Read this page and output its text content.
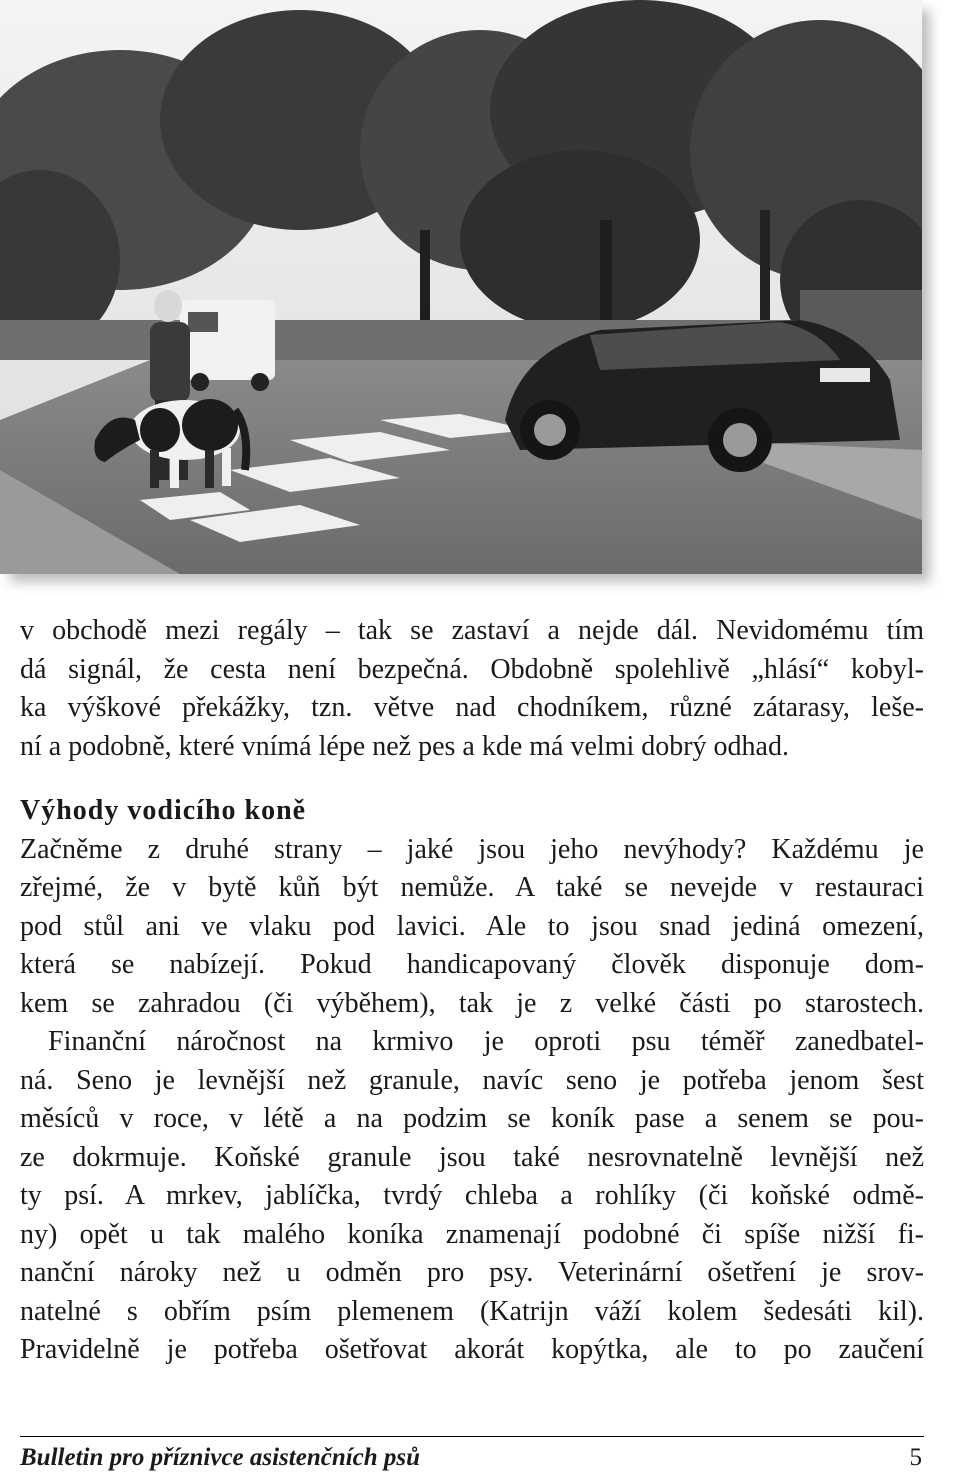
v obchodě mezi regály – tak se zastaví a nejde dál. Nevidomému tím
dá signál, že cesta není bezpečná. Obdobně spolehlivě „hlásí“ kobyl-
ka výškové překážky, tzn. větve nad chodníkem, různé zátarasy, leše-
ní a podobně, které vnímá lépe než pes a kde má velmi dobrý odhad.
Výhody vodicího koně
Začněme z druhé strany – jaké jsou jeho nevýhody? Každému je
zřejmé, že v bytě kůň být nemůže. A také se nevejde v restauraci
pod stůl ani ve vlaku pod lavici. Ale to jsou snad jediná omezení,
která se nabízejí. Pokud handicapovaný člověk disponuje dom-
kem se zahradou (či výběhem), tak je z velké části po starostech.
Finanční náročnost na krmivo je oproti psu téměř zanedbatel-
ná. Seno je levnější než granule, navíc seno je potřeba jenom šest
měsíců v roce, v létě a na podzim se koník pase a senem se pou-
ze dokrmuje. Koňské granule jsou také nesrovnatelně levnější než
ty psí. A mrkev, jablíčka, tvrdý chleba a rohlíky (či koňské odmě-
ny) opět u tak malého koníka znamenají podobné či spíše nižší fi-
nanční nároky než u odměn pro psy. Veterinární ošetření je srov-
natelné s obřím psím plemenem (Katrijn váží kolem šedesáti kil).
Pravidelně je potřeba ošetřovat akorát kopýtka, ale to po zaučení
Bulletin pro příznivce asistenčních psů	5
